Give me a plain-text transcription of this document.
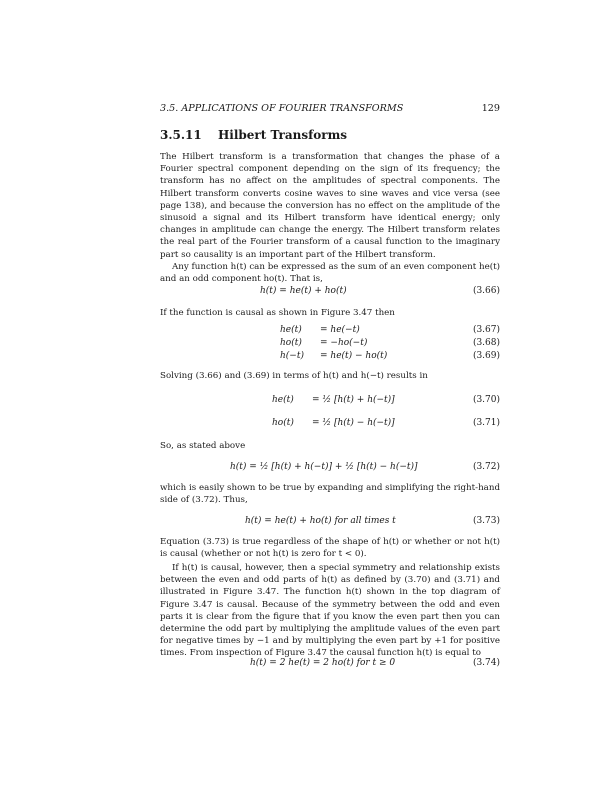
3.5. APPLICATIONS OF FOURIER TRANSFORMS	129
3.5.11 Hilbert Transforms

The Hilbert transform is a transformation that changes the phase of a Fourier spectral component depending on the sign of its frequency; the transform has no affect on the amplitudes of spectral components. The Hilbert transform converts cosine waves to sine waves and vice versa (see page 138), and because the conversion has no effect on the amplitude of the sinusoid a signal and its Hilbert transform have identical energy; only changes in amplitude can change the energy. The Hilbert transform relates the real part of the Fourier transform of a causal function to the imaginary part so causality is an important part of the Hilbert transform.

Any function h(t) can be expressed as the sum of an even component he(t) and an odd component ho(t). That is,

h(t) = he(t) + ho(t)	(3.66)

If the function is causal as shown in Figure 3.47 then

he(t) = he(−t)	(3.67)
ho(t) = −ho(−t)	(3.68)
h(−t) = he(t) − ho(t)	(3.69)

Solving (3.66) and (3.69) in terms of h(t) and h(−t) results in

he(t) = ½ [h(t) + h(−t)]	(3.70)
ho(t) = ½ [h(t) − h(−t)]	(3.71)

So, as stated above

h(t) = ½ [h(t) + h(−t)] + ½ [h(t) − h(−t)]	(3.72)

which is easily shown to be true by expanding and simplifying the right-hand side of (3.72). Thus,

h(t) = he(t) + ho(t) for all times t	(3.73)

Equation (3.73) is true regardless of the shape of h(t) or whether or not h(t) is causal (whether or not h(t) is zero for t < 0).

If h(t) is causal, however, then a special symmetry and relationship exists between the even and odd parts of h(t) as defined by (3.70) and (3.71) and illustrated in Figure 3.47. The function h(t) shown in the top diagram of Figure 3.47 is causal. Because of the symmetry between the odd and even parts it is clear from the figure that if you know the even part then you can determine the odd part by multiplying the amplitude values of the even part for negative times by −1 and by multiplying the even part by +1 for positive times. From inspection of Figure 3.47 the causal function h(t) is equal to

h(t) = 2 he(t) = 2 ho(t) for t ≥ 0	(3.74)
